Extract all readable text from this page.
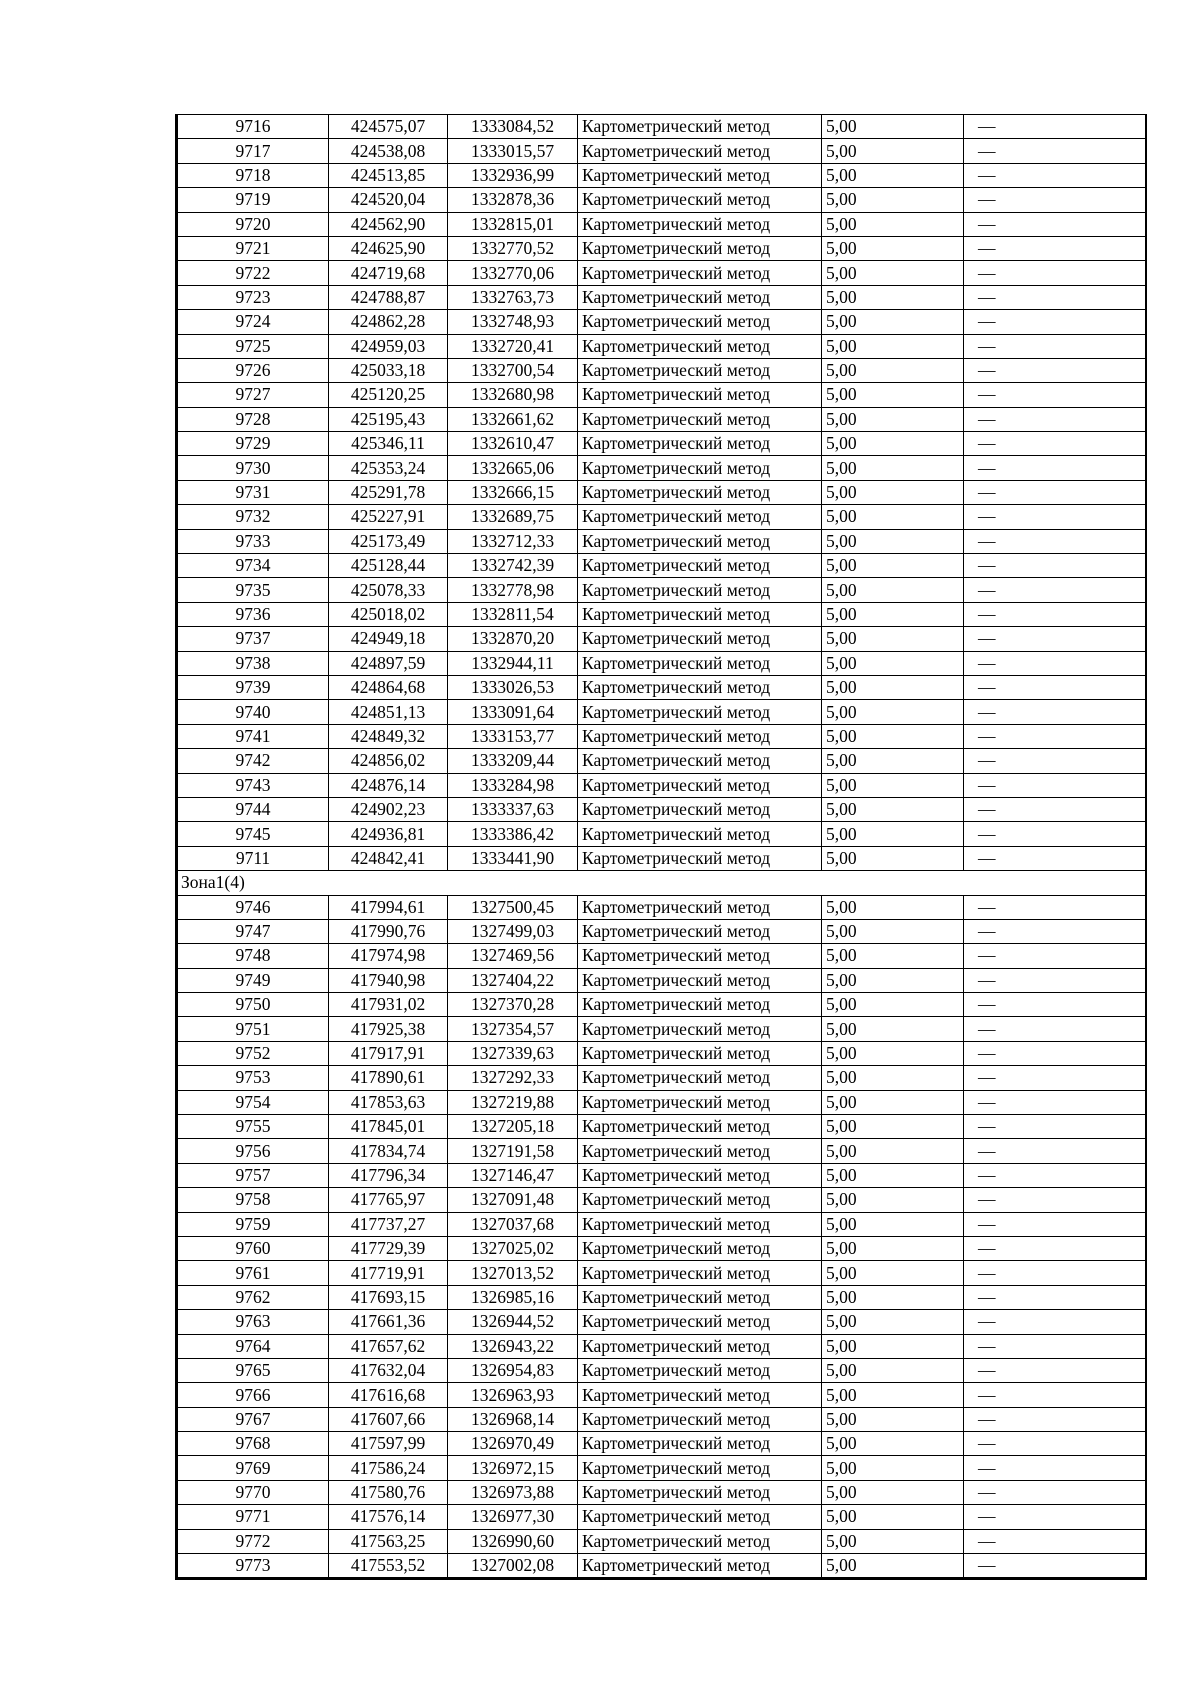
9716	424575,07	1333084,52	Картометрический метод	5,00	—
9717	424538,08	1333015,57	Картометрический метод	5,00	—
9718	424513,85	1332936,99	Картометрический метод	5,00	—
9719	424520,04	1332878,36	Картометрический метод	5,00	—
9720	424562,90	1332815,01	Картометрический метод	5,00	—
9721	424625,90	1332770,52	Картометрический метод	5,00	—
9722	424719,68	1332770,06	Картометрический метод	5,00	—
9723	424788,87	1332763,73	Картометрический метод	5,00	—
9724	424862,28	1332748,93	Картометрический метод	5,00	—
9725	424959,03	1332720,41	Картометрический метод	5,00	—
9726	425033,18	1332700,54	Картометрический метод	5,00	—
9727	425120,25	1332680,98	Картометрический метод	5,00	—
9728	425195,43	1332661,62	Картометрический метод	5,00	—
9729	425346,11	1332610,47	Картометрический метод	5,00	—
9730	425353,24	1332665,06	Картометрический метод	5,00	—
9731	425291,78	1332666,15	Картометрический метод	5,00	—
9732	425227,91	1332689,75	Картометрический метод	5,00	—
9733	425173,49	1332712,33	Картометрический метод	5,00	—
9734	425128,44	1332742,39	Картометрический метод	5,00	—
9735	425078,33	1332778,98	Картометрический метод	5,00	—
9736	425018,02	1332811,54	Картометрический метод	5,00	—
9737	424949,18	1332870,20	Картометрический метод	5,00	—
9738	424897,59	1332944,11	Картометрический метод	5,00	—
9739	424864,68	1333026,53	Картометрический метод	5,00	—
9740	424851,13	1333091,64	Картометрический метод	5,00	—
9741	424849,32	1333153,77	Картометрический метод	5,00	—
9742	424856,02	1333209,44	Картометрический метод	5,00	—
9743	424876,14	1333284,98	Картометрический метод	5,00	—
9744	424902,23	1333337,63	Картометрический метод	5,00	—
9745	424936,81	1333386,42	Картометрический метод	5,00	—
9711	424842,41	1333441,90	Картометрический метод	5,00	—
Зона1(4)					
9746	417994,61	1327500,45	Картометрический метод	5,00	—
9747	417990,76	1327499,03	Картометрический метод	5,00	—
9748	417974,98	1327469,56	Картометрический метод	5,00	—
9749	417940,98	1327404,22	Картометрический метод	5,00	—
9750	417931,02	1327370,28	Картометрический метод	5,00	—
9751	417925,38	1327354,57	Картометрический метод	5,00	—
9752	417917,91	1327339,63	Картометрический метод	5,00	—
9753	417890,61	1327292,33	Картометрический метод	5,00	—
9754	417853,63	1327219,88	Картометрический метод	5,00	—
9755	417845,01	1327205,18	Картометрический метод	5,00	—
9756	417834,74	1327191,58	Картометрический метод	5,00	—
9757	417796,34	1327146,47	Картометрический метод	5,00	—
9758	417765,97	1327091,48	Картометрический метод	5,00	—
9759	417737,27	1327037,68	Картометрический метод	5,00	—
9760	417729,39	1327025,02	Картометрический метод	5,00	—
9761	417719,91	1327013,52	Картометрический метод	5,00	—
9762	417693,15	1326985,16	Картометрический метод	5,00	—
9763	417661,36	1326944,52	Картометрический метод	5,00	—
9764	417657,62	1326943,22	Картометрический метод	5,00	—
9765	417632,04	1326954,83	Картометрический метод	5,00	—
9766	417616,68	1326963,93	Картометрический метод	5,00	—
9767	417607,66	1326968,14	Картометрический метод	5,00	—
9768	417597,99	1326970,49	Картометрический метод	5,00	—
9769	417586,24	1326972,15	Картометрический метод	5,00	—
9770	417580,76	1326973,88	Картометрический метод	5,00	—
9771	417576,14	1326977,30	Картометрический метод	5,00	—
9772	417563,25	1326990,60	Картометрический метод	5,00	—
9773	417553,52	1327002,08	Картометрический метод	5,00	—
